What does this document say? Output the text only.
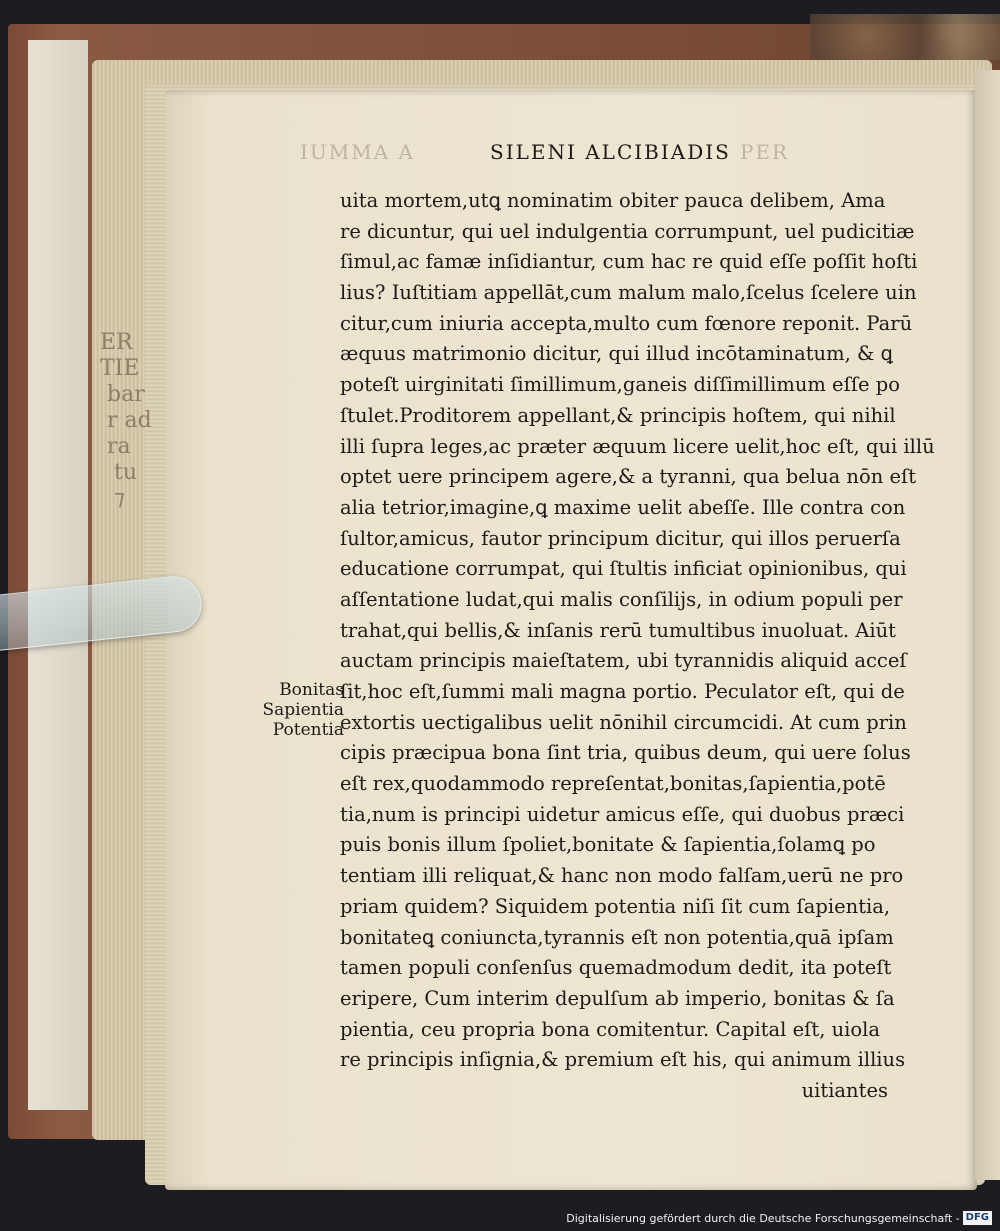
ER
TIE
bar
r ad
ra
tu
⁊
IUMMA A	PER
SILENI ALCIBIADIS
Bonitas
Sapientia
Potentia
uita mortem,utꝗ nominatim obiter pauca delibem, Ama
re dicuntur, qui uel indulgentia corrumpunt, uel pudicitiæ
ſimul,ac famæ inſidiantur, cum hac re quid eſſe poſſit hoſti
lius? Iuſtitiam appellāt,cum malum malo,ſcelus ſcelere uin
citur,cum iniuria accepta,multo cum fœnore reponit. Parū
æquus matrimonio dicitur, qui illud incōtaminatum, & ꝗ
poteſt uirginitati ſimillimum,ganeis diſſimillimum eſſe po
ſtulet.Proditorem appellant,& principis hoſtem, qui nihil
illi ſupra leges,ac præter æquum licere uelit,hoc eſt, qui illū
optet uere principem agere,& a tyranni, qua belua nōn eſt
alia tetrior,imagine,ꝗ maxime uelit abeſſe. Ille contra con
ſultor,amicus, fautor principum dicitur, qui illos peruerſa
educatione corrumpat, qui ſtultis inficiat opinionibus, qui
aſſentatione ludat,qui malis conſilijs, in odium populi per
trahat,qui bellis,& inſanis rerū tumultibus inuoluat. Aiūt
auctam principis maieſtatem, ubi tyrannidis aliquid acceſ
ſit,hoc eſt,ſummi mali magna portio. Peculator eſt, qui de
extortis uectigalibus uelit nōnihil circumcidi. At cum prin
cipis præcipua bona ſint tria, quibus deum, qui uere ſolus
eſt rex,quodammodo repreſentat,bonitas,ſapientia,potē
tia,num is principi uidetur amicus eſſe, qui duobus præci
puis bonis illum ſpoliet,bonitate & ſapientia,ſolamꝗ po
tentiam illi reliquat,& hanc non modo falſam,uerū ne pro
priam quidem? Siquidem potentia niſi ſit cum ſapientia,
bonitateꝗ coniuncta,tyrannis eſt non potentia,quā ipſam
tamen populi conſenſus quemadmodum dedit, ita poteſt
eripere, Cum interim depulſum ab imperio, bonitas & ſa
pientia, ceu propria bona comitentur. Capital eſt, uiola
re principis inſignia,& premium eſt his, qui animum illius
uitiantes
Digitalisierung gefördert durch die Deutsche Forschungsgemeinschaft - DFG
